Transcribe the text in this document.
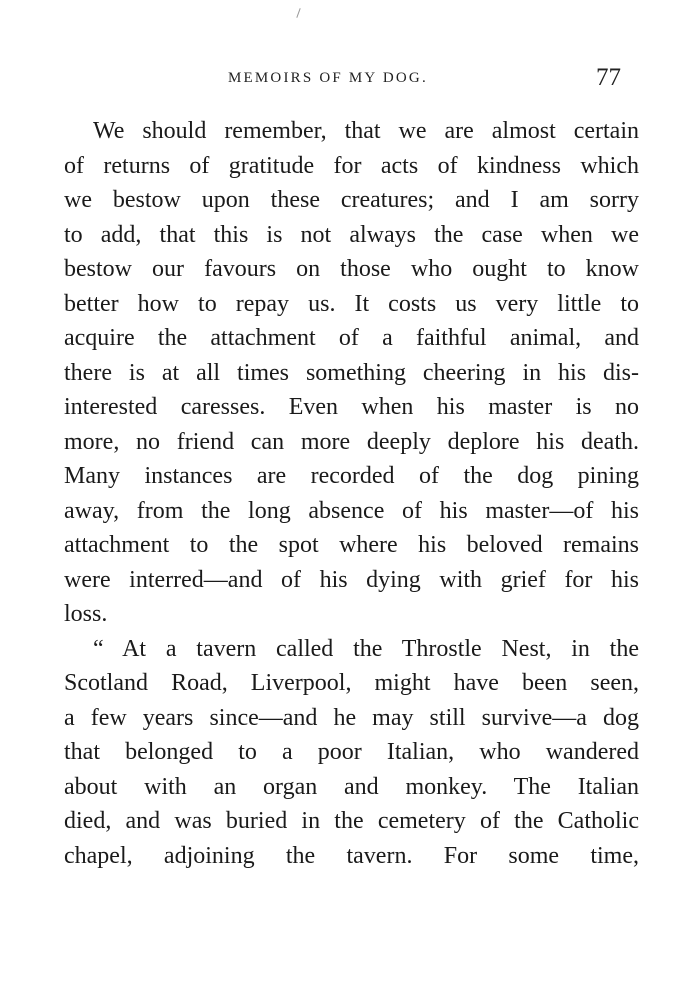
MEMOIRS OF MY DOG.	77
We should remember, that we are almost certain
of returns of gratitude for acts of kindness which
we bestow upon these creatures; and I am sorry
to add, that this is not always the case when we
bestow our favours on those who ought to know
better how to repay us. It costs us very little to
acquire the attachment of a faithful animal, and
there is at all times something cheering in his dis-
interested caresses. Even when his master is no
more, no friend can more deeply deplore his death.
Many instances are recorded of the dog pining
away, from the long absence of his master—of his
attachment to the spot where his beloved remains
were interred—and of his dying with grief for his
loss.
“ At a tavern called the Throstle Nest, in the
Scotland Road, Liverpool, might have been seen,
a few years since—and he may still survive—a dog
that belonged to a poor Italian, who wandered
about with an organ and monkey. The Italian
died, and was buried in the cemetery of the Catholic
chapel, adjoining the tavern. For some time,
